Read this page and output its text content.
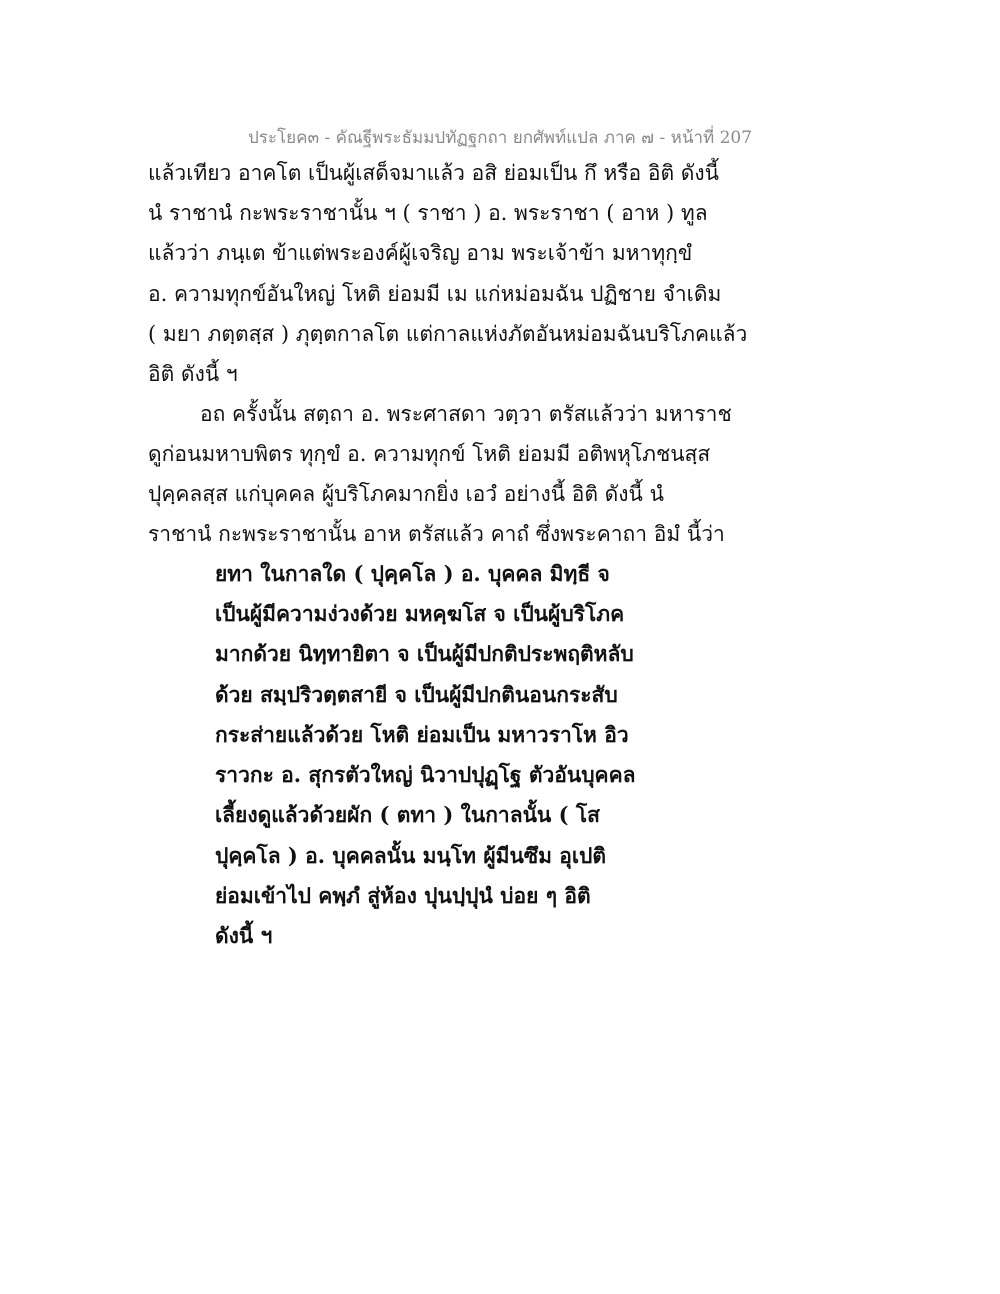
ประโยค๓ - คัณฐีพระธัมมปทัฏฐกถา ยกศัพท์แปล ภาค ๗ - หน้าที่ 207
แล้วเทียว อาคโต เป็นผู้เสด็จมาแล้ว อสิ ย่อมเป็น กึ หรือ อิติ ดังนี้
นํ ราชานํ กะพระราชานั้น ฯ ( ราชา ) อ. พระราชา ( อาห ) ทูล
แล้วว่า ภนฺเต ข้าแต่พระองค์ผู้เจริญ อาม พระเจ้าข้า มหาทุกฺขํ
อ. ความทุกข์อันใหญ่ โหติ ย่อมมี เม แก่หม่อมฉัน ปฏิชาย จำเดิม
( มยา ภตฺตสฺส ) ภุตฺตกาลโต แต่กาลแห่งภัตอันหม่อมฉันบริโภคแล้ว
อิติ ดังนี้ ฯ
อถ ครั้งนั้น สตฺถา อ. พระศาสดา วตฺวา ตรัสแล้วว่า มหาราช
ดูก่อนมหาบพิตร ทุกฺขํ อ. ความทุกข์ โหติ ย่อมมี อติพหุโภชนสฺส
ปุคฺคลสฺส แก่บุคคล ผู้บริโภคมากยิ่ง เอวํ อย่างนี้ อิติ ดังนี้ นํ
ราชานํ กะพระราชานั้น อาห ตรัสแล้ว คาถํ ซึ่งพระคาถา อิมํ นี้ว่า
ยทา ในกาลใด ( ปุคฺคโล ) อ. บุคคล มิทฺธี จ
เป็นผู้มีความง่วงด้วย มหคฺฆโส จ เป็นผู้บริโภค
มากด้วย นิทฺทายิตา จ เป็นผู้มีปกติประพฤติหลับ
ด้วย สมฺปริวตฺตสายี จ เป็นผู้มีปกตินอนกระสับ
กระส่ายแล้วด้วย โหติ ย่อมเป็น มหาวราโห อิว
ราวกะ อ. สุกรตัวใหญ่ นิวาปปุฏฺโฐ ตัวอันบุคคล
เลี้ยงดูแล้วด้วยผัก ( ตทา ) ในกาลนั้น ( โส
ปุคฺคโล ) อ. บุคคลนั้น มนฺโท ผู้มีนซึม อุเปติ
ย่อมเข้าไป คพฺภํ สู่ห้อง ปุนปฺปุนํ บ่อย ๆ อิติ
ดังนี้ ฯ
